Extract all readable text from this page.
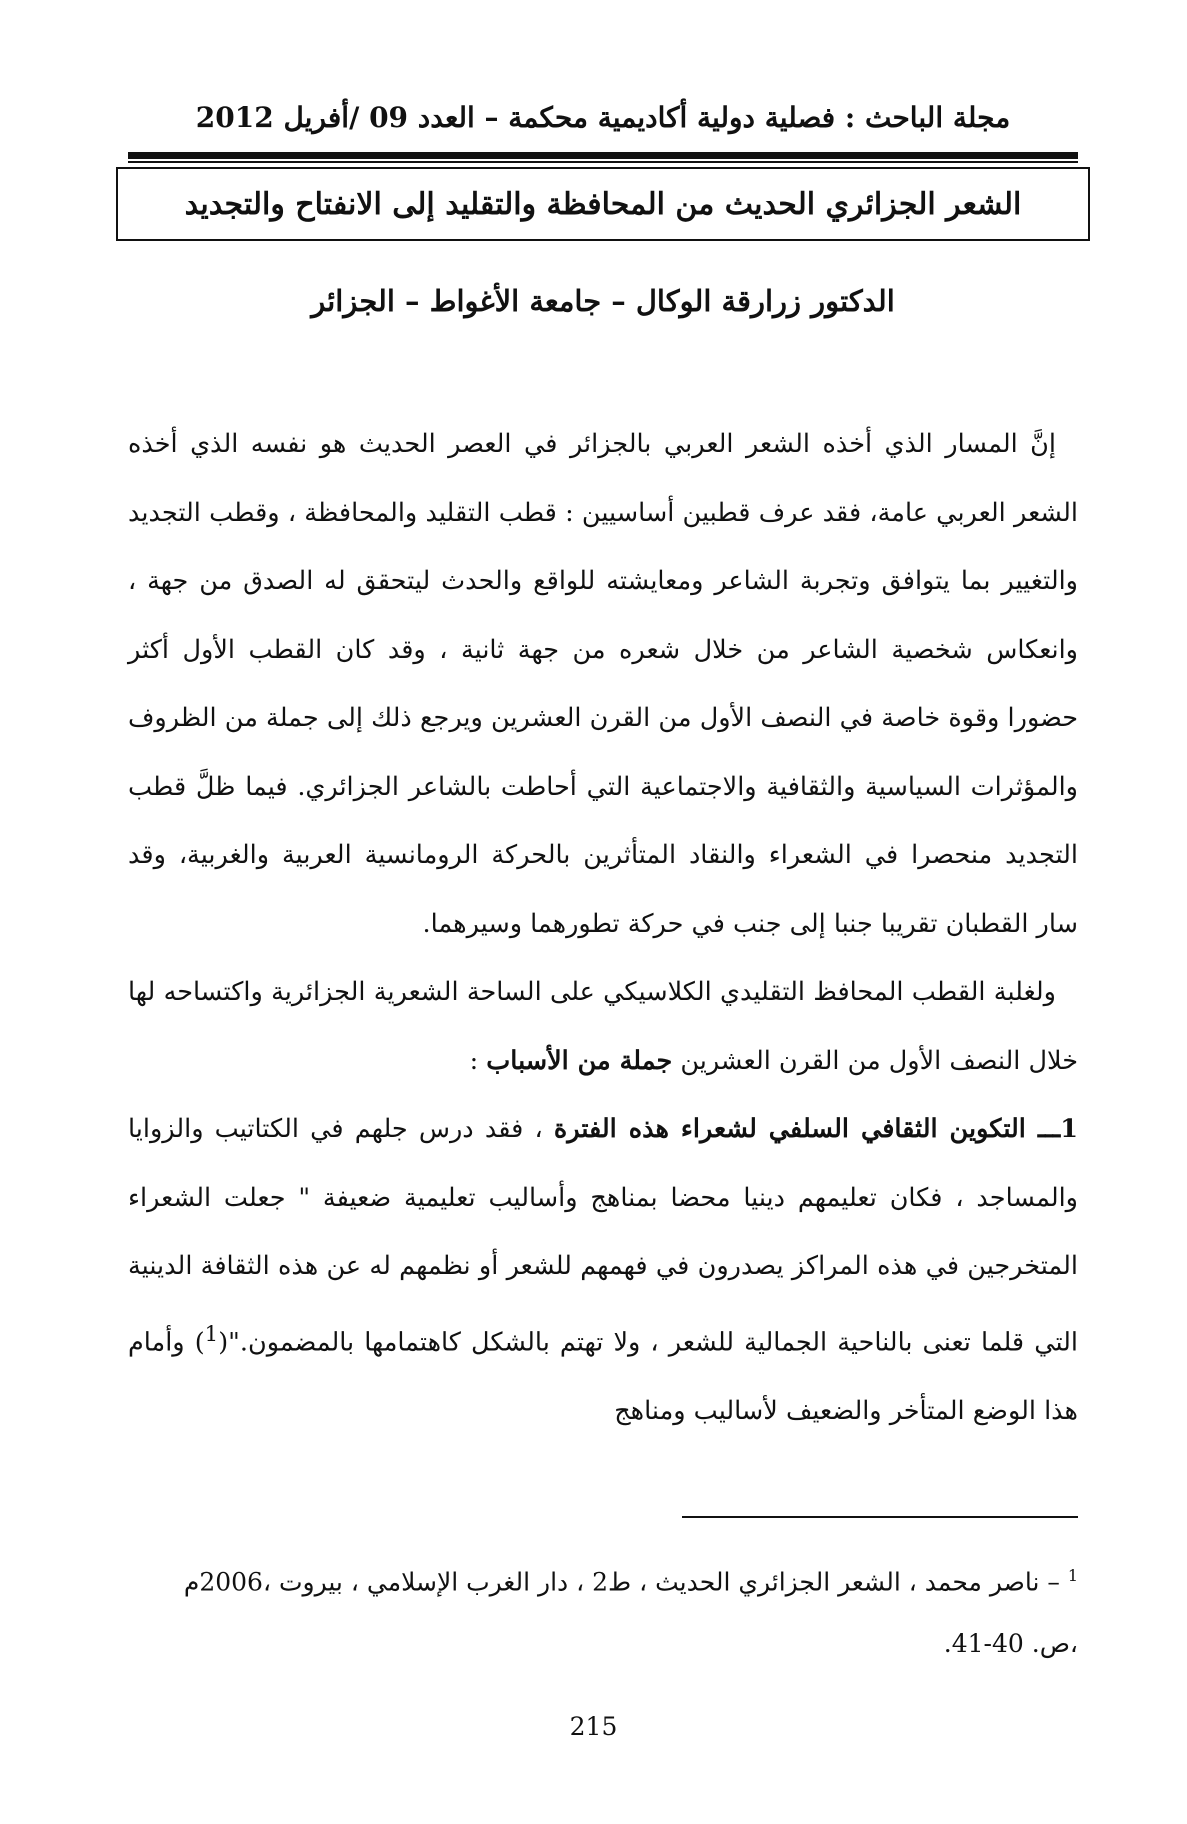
مجلة الباحث : فصلية دولية أكاديمية محكمة – العدد 09 /أفريل 2012
الشعر الجزائري الحديث من المحافظة والتقليد إلى الانفتاح والتجديد
الدكتور زرارقة الوكال – جامعة الأغواط – الجزائر

إنَّ المسار الذي أخذه الشعر العربي بالجزائر في العصر الحديث هو نفسه الذي أخذه الشعر العربي عامة، فقد عرف قطبين أساسيين : قطب التقليد والمحافظة ، وقطب التجديد والتغيير بما يتوافق وتجربة الشاعر ومعايشته للواقع والحدث ليتحقق له الصدق من جهة ، وانعكاس شخصية الشاعر من خلال شعره من جهة ثانية ، وقد كان القطب الأول أكثر حضورا وقوة خاصة في النصف الأول من القرن العشرين ويرجع ذلك إلى جملة من الظروف والمؤثرات السياسية والثقافية والاجتماعية التي أحاطت بالشاعر الجزائري. فيما ظلَّ قطب التجديد منحصرا في الشعراء والنقاد المتأثرين بالحركة الرومانسية العربية والغربية، وقد سار القطبان تقريبا جنبا إلى جنب في حركة تطورهما وسيرهما.

ولغلبة القطب المحافظ التقليدي الكلاسيكي على الساحة الشعرية الجزائرية واكتساحه لها خلال النصف الأول من القرن العشرين جملة من الأسباب :

1ـــ التكوين الثقافي السلفي لشعراء هذه الفترة ، فقد درس جلهم في الكتاتيب والزوايا والمساجد ، فكان تعليمهم دينيا محضا بمناهج وأساليب تعليمية ضعيفة " جعلت الشعراء المتخرجين في هذه المراكز يصدرون في فهمهم للشعر أو نظمهم له عن هذه الثقافة الدينية التي قلما تعنى بالناحية الجمالية للشعر ، ولا تهتم بالشكل كاهتمامها بالمضمون."($^1$) وأمام هذا الوضع المتأخر والضعيف لأساليب ومناهج

$^1$ – ناصر محمد ، الشعر الجزائري الحديث ، ط2 ، دار الغرب الإسلامي ، بيروت ،2006م

،ص. 40-41.

215
